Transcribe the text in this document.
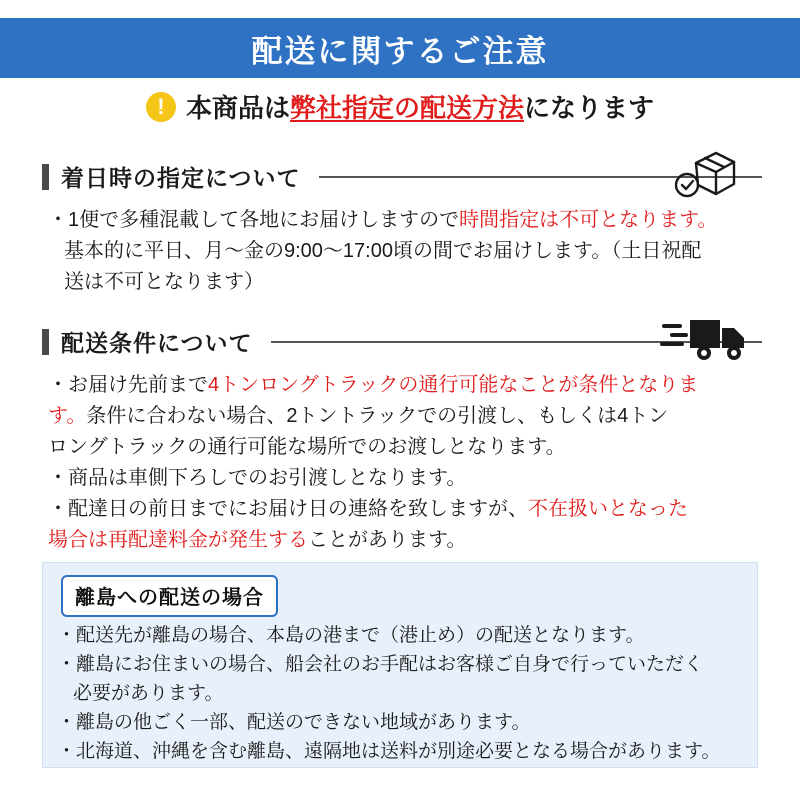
配送に関するご注意
! 本商品は弊社指定の配送方法になります
着日時の指定について
・1便で多種混載して各地にお届けしますので時間指定は不可となります。
基本的に平日、月〜金の9:00〜17:00頃の間でお届けします。（土日祝配
送は不可となります）
配送条件について
・お届け先前まで4トンロングトラックの通行可能なことが条件となりま
す。条件に合わない場合、2トントラックでの引渡し、もしくは4トン
ロングトラックの通行可能な場所でのお渡しとなります。
・商品は車側下ろしでのお引渡しとなります。
・配達日の前日までにお届け日の連絡を致しますが、不在扱いとなった
場合は再配達料金が発生することがあります。
離島への配送の場合
・配送先が離島の場合、本島の港まで（港止め）の配送となります。
・離島にお住まいの場合、船会社のお手配はお客様ご自身で行っていただく
必要があります。
・離島の他ごく一部、配送のできない地域があります。
・北海道、沖縄を含む離島、遠隔地は送料が別途必要となる場合があります。
